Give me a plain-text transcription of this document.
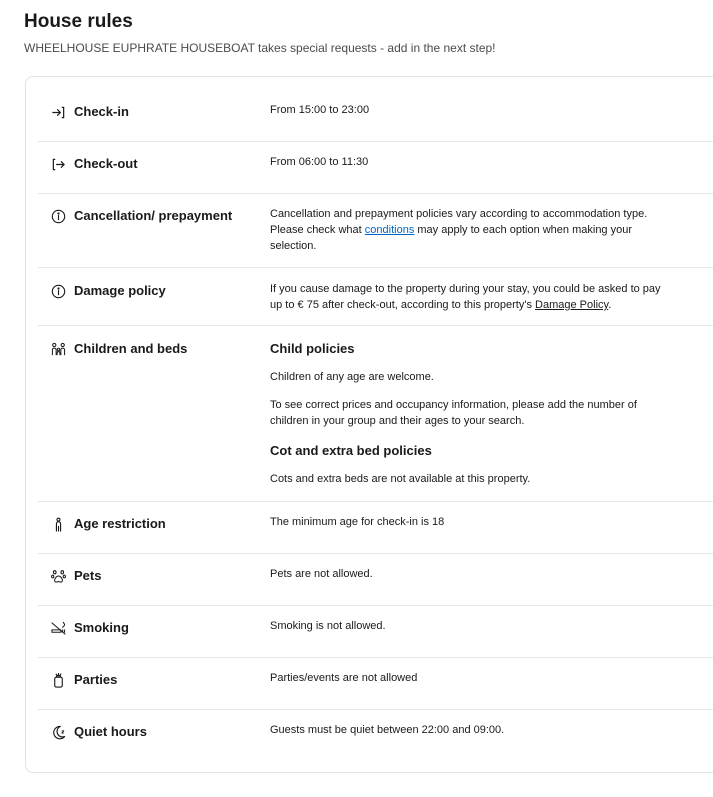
House rules
WHEELHOUSE EUPHRATE HOUSEBOAT takes special requests - add in the next step!
Check-in	From 15:00 to 23:00
Check-out	From 06:00 to 11:30
Cancellation/ prepayment	Cancellation and prepayment policies vary according to accommodation type.

Please check what conditions may apply to each option when making your

selection.

Damage policy	If you cause damage to the property during your stay, you could be asked to pay

up to € 75 after check-out, according to this property's Damage Policy.

Children and beds	Child policies

Children of any age are welcome.

To see correct prices and occupancy information, please add the number of

children in your group and their ages to your search.

Cot and extra bed policies

Cots and extra beds are not available at this property.

Age restriction	The minimum age for check-in is 18
Pets	Pets are not allowed.
Smoking	Smoking is not allowed.
Parties	Parties/events are not allowed
Quiet hours	Guests must be quiet between 22:00 and 09:00.
